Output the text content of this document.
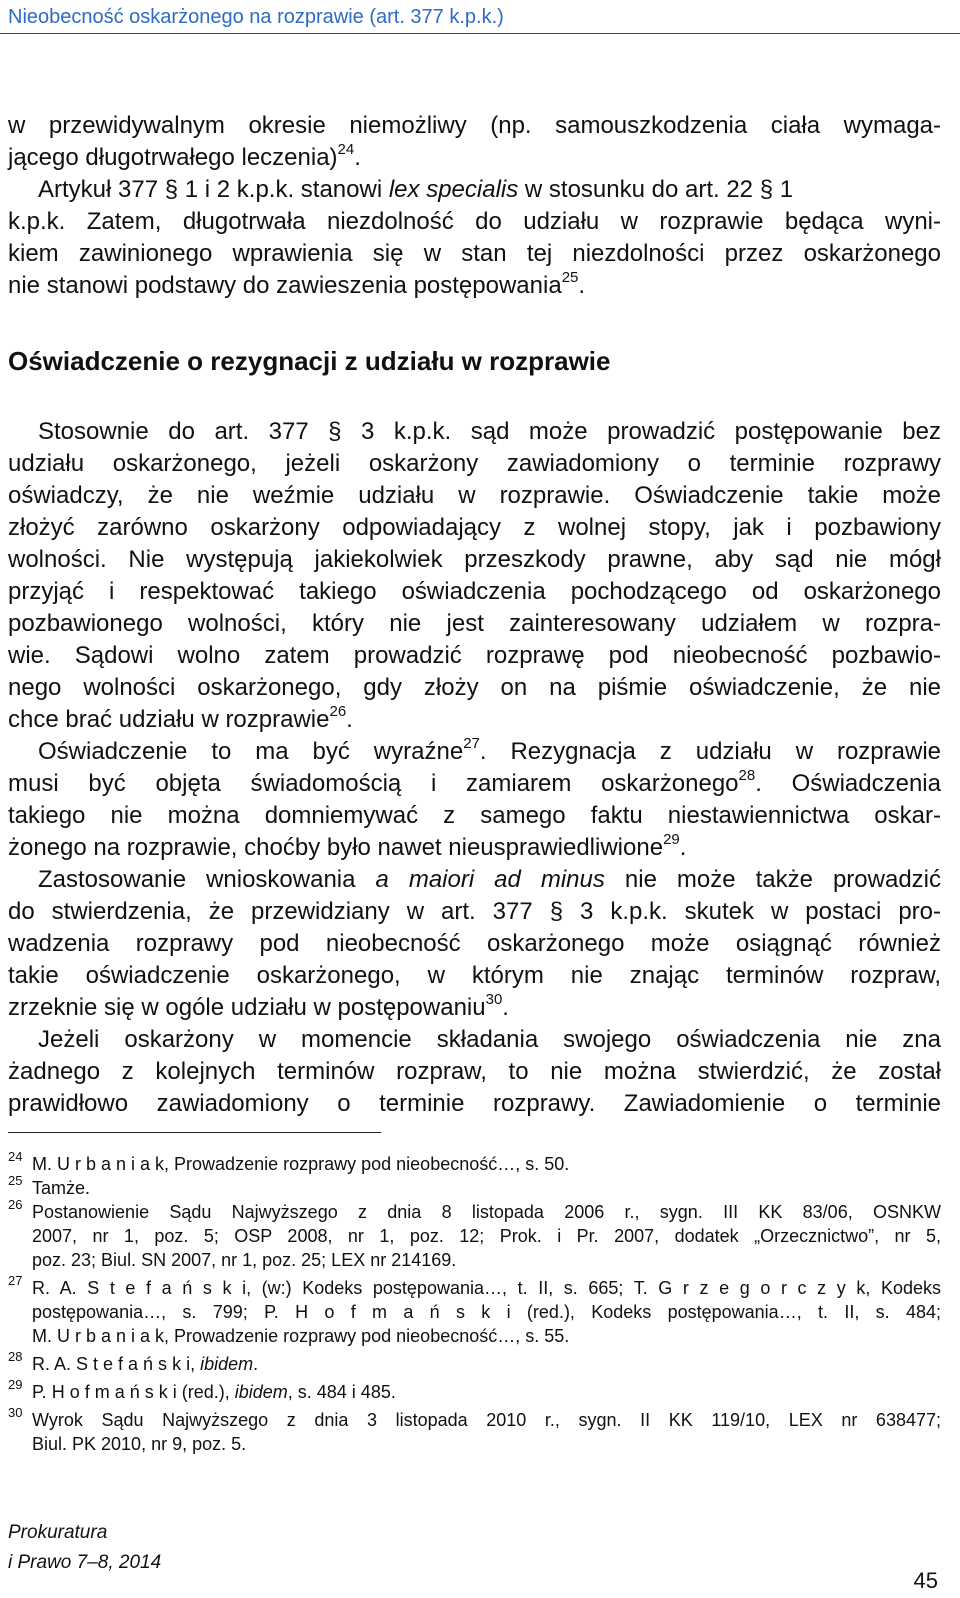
Nieobecność oskarżonego na rozprawie (art. 377 k.p.k.)
w przewidywalnym okresie niemożliwy (np. samouszkodzenia ciała wymaga-
jącego długotrwałego leczenia)$^{24}$.
Artykuł 377 § 1 i 2 k.p.k. stanowi lex specialis w stosunku do art. 22 § 1
k.p.k. Zatem, długotrwała niezdolność do udziału w rozprawie będąca wyni-
kiem zawinionego wprawienia się w stan tej niezdolności przez oskarżonego
nie stanowi podstawy do zawieszenia postępowania$^{25}$.
Oświadczenie o rezygnacji z udziału w rozprawie
Stosownie do art. 377 § 3 k.p.k. sąd może prowadzić postępowanie bez
udziału oskarżonego, jeżeli oskarżony zawiadomiony o terminie rozprawy
oświadczy, że nie weźmie udziału w rozprawie. Oświadczenie takie może
złożyć zarówno oskarżony odpowiadający z wolnej stopy, jak i pozbawiony
wolności. Nie występują jakiekolwiek przeszkody prawne, aby sąd nie mógł
przyjąć i respektować takiego oświadczenia pochodzącego od oskarżonego
pozbawionego wolności, który nie jest zainteresowany udziałem w rozpra-
wie. Sądowi wolno zatem prowadzić rozprawę pod nieobecność pozbawio-
nego wolności oskarżonego, gdy złoży on na piśmie oświadczenie, że nie
chce brać udziału w rozprawie$^{26}$.
Oświadczenie to ma być wyraźne$^{27}$. Rezygnacja z udziału w rozprawie
musi być objęta świadomością i zamiarem oskarżonego$^{28}$. Oświadczenia
takiego nie można domniemywać z samego faktu niestawiennictwa oskar-
żonego na rozprawie, choćby było nawet nieusprawiedliwione$^{29}$.
Zastosowanie wnioskowania a maiori ad minus nie może także prowadzić
do stwierdzenia, że przewidziany w art. 377 § 3 k.p.k. skutek w postaci pro-
wadzenia rozprawy pod nieobecność oskarżonego może osiągnąć również
takie oświadczenie oskarżonego, w którym nie znając terminów rozpraw,
zrzeknie się w ogóle udziału w postępowaniu$^{30}$.
Jeżeli oskarżony w momencie składania swojego oświadczenia nie zna
żadnego z kolejnych terminów rozpraw, to nie można stwierdzić, że został
prawidłowo zawiadomiony o terminie rozprawy. Zawiadomienie o terminie
24 M. U r b a n i a k, Prowadzenie rozprawy pod nieobecność…, s. 50.
25 Tamże.
26 Postanowienie Sądu Najwyższego z dnia 8 listopada 2006 r., sygn. III KK 83/06, OSNKW
2007, nr 1, poz. 5; OSP 2008, nr 1, poz. 12; Prok. i Pr. 2007, dodatek „Orzecznictwo”, nr 5,
poz. 23; Biul. SN 2007, nr 1, poz. 25; LEX nr 214169.
27 R. A. S t e f a ń s k i, (w:) Kodeks postępowania…, t. II, s. 665; T. G r z e g o r c z y k, Kodeks
postępowania…, s. 799; P. H o f m a ń s k i (red.), Kodeks postępowania…, t. II, s. 484;
M. U r b a n i a k, Prowadzenie rozprawy pod nieobecność…, s. 55.
28 R. A. S t e f a ń s k i, ibidem.
29 P. H o f m a ń s k i (red.), ibidem, s. 484 i 485.
30 Wyrok Sądu Najwyższego z dnia 3 listopada 2010 r., sygn. II KK 119/10, LEX nr 638477;
Biul. PK 2010, nr 9, poz. 5.
Prokuratura
i Prawo 7–8, 2014
45
